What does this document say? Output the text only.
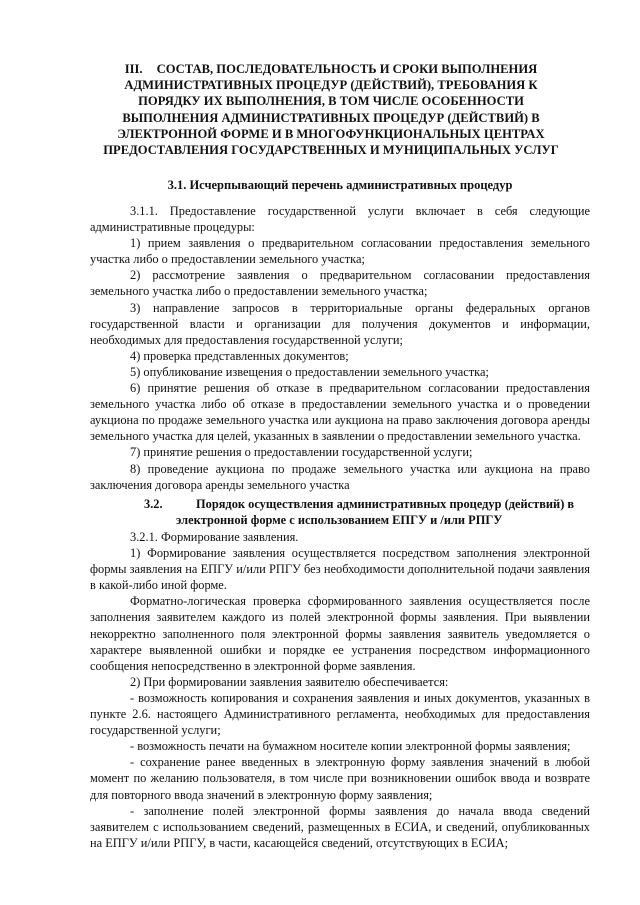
III. СОСТАВ, ПОСЛЕДОВАТЕЛЬНОСТЬ И СРОКИ ВЫПОЛНЕНИЯ АДМИНИСТРАТИВНЫХ ПРОЦЕДУР (ДЕЙСТВИЙ), ТРЕБОВАНИЯ К ПОРЯДКУ ИХ ВЫПОЛНЕНИЯ, В ТОМ ЧИСЛЕ ОСОБЕННОСТИ ВЫПОЛНЕНИЯ АДМИНИСТРАТИВНЫХ ПРОЦЕДУР (ДЕЙСТВИЙ) В ЭЛЕКТРОННОЙ ФОРМЕ И В МНОГОФУНКЦИОНАЛЬНЫХ ЦЕНТРАХ ПРЕДОСТАВЛЕНИЯ ГОСУДАРСТВЕННЫХ И МУНИЦИПАЛЬНЫХ УСЛУГ
3.1. Исчерпывающий перечень административных процедур

3.1.1. Предоставление государственной услуги включает в себя следующие административные процедуры:

1) прием заявления о предварительном согласовании предоставления земельного участка либо о предоставлении земельного участка;

2) рассмотрение заявления о предварительном согласовании предоставления земельного участка либо о предоставлении земельного участка;

3) направление запросов в территориальные органы федеральных органов государственной власти и организации для получения документов и информации, необходимых для предоставления государственной услуги;

4) проверка представленных документов;

5) опубликование извещения о предоставлении земельного участка;

6) принятие решения об отказе в предварительном согласовании предоставления земельного участка либо об отказе в предоставлении земельного участка и о проведении аукциона по продаже земельного участка или аукциона на право заключения договора аренды земельного участка для целей, указанных в заявлении о предоставлении земельного участка.

7) принятие решения о предоставлении государственной услуги;

8) проведение аукциона по продаже земельного участка или аукциона на право заключения договора аренды земельного участка

3.2.	Порядок осуществления административных процедур (действий) в
электронной форме с использованием ЕПГУ и /или РПГУ

3.2.1. Формирование заявления.

1) Формирование заявления осуществляется посредством заполнения электронной формы заявления на ЕПГУ и/или РПГУ без необходимости дополнительной подачи заявления в какой-либо иной форме.

Форматно-логическая проверка сформированного заявления осуществляется после заполнения заявителем каждого из полей электронной формы заявления. При выявлении некорректно заполненного поля электронной формы заявления заявитель уведомляется о характере выявленной ошибки и порядке ее устранения посредством информационного сообщения непосредственно в электронной форме заявления.

2) При формировании заявления заявителю обеспечивается:

- возможность копирования и сохранения заявления и иных документов, указанных в пункте 2.6. настоящего Административного регламента, необходимых для предоставления государственной услуги;

- возможность печати на бумажном носителе копии электронной формы заявления;

- сохранение ранее введенных в электронную форму заявления значений в любой момент по желанию пользователя, в том числе при возникновении ошибок ввода и возврате для повторного ввода значений в электронную форму заявления;

- заполнение полей электронной формы заявления до начала ввода сведений заявителем с использованием сведений, размещенных в ЕСИА, и сведений, опубликованных на ЕПГУ и/или РПГУ, в части, касающейся сведений, отсутствующих в ЕСИА;
